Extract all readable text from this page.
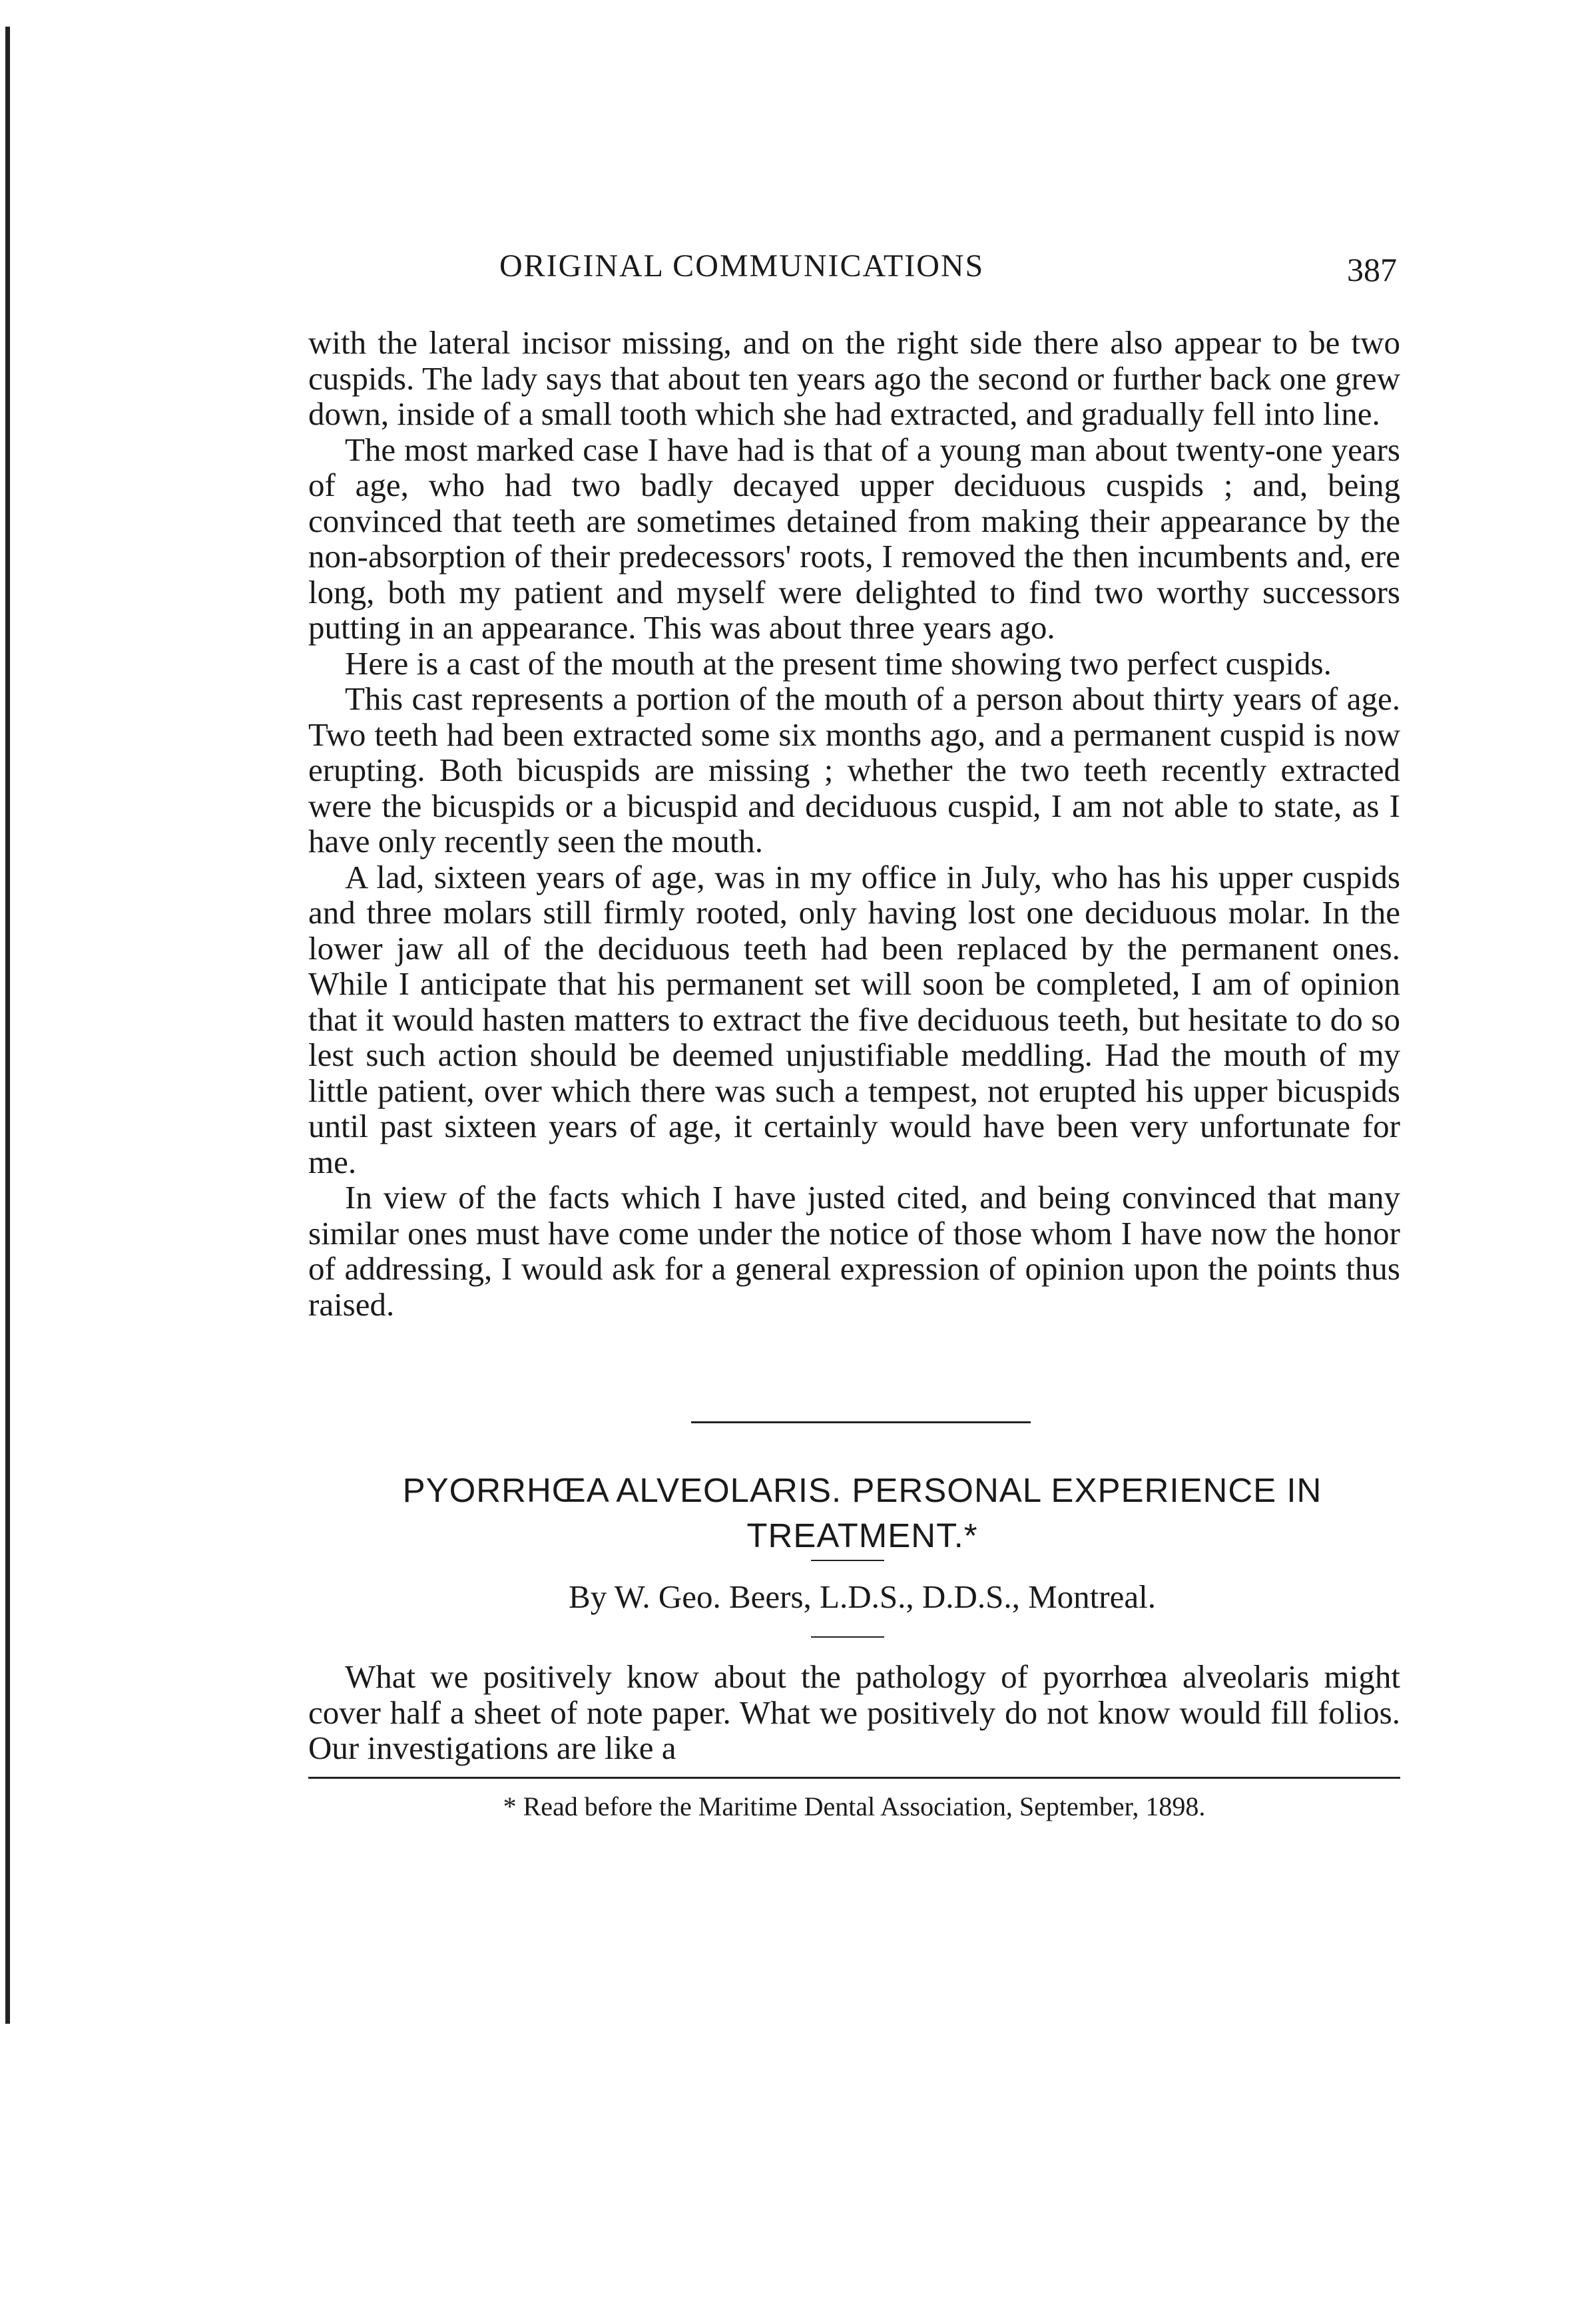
ORIGINAL COMMUNICATIONS	387

with the lateral incisor missing, and on the right side there also appear to be two cuspids. The lady says that about ten years ago the second or further back one grew down, inside of a small tooth which she had extracted, and gradually fell into line.

The most marked case I have had is that of a young man about twenty-one years of age, who had two badly decayed upper deciduous cuspids ; and, being convinced that teeth are sometimes detained from making their appearance by the non-absorption of their predecessors' roots, I removed the then incumbents and, ere long, both my patient and myself were delighted to find two worthy successors putting in an appearance. This was about three years ago.

Here is a cast of the mouth at the present time showing two perfect cuspids.

This cast represents a portion of the mouth of a person about thirty years of age. Two teeth had been extracted some six months ago, and a permanent cuspid is now erupting. Both bicuspids are missing ; whether the two teeth recently extracted were the bicuspids or a bicuspid and deciduous cuspid, I am not able to state, as I have only recently seen the mouth.

A lad, sixteen years of age, was in my office in July, who has his upper cuspids and three molars still firmly rooted, only having lost one deciduous molar. In the lower jaw all of the deciduous teeth had been replaced by the permanent ones. While I anticipate that his permanent set will soon be completed, I am of opinion that it would hasten matters to extract the five deciduous teeth, but hesitate to do so lest such action should be deemed unjustifiable meddling. Had the mouth of my little patient, over which there was such a tempest, not erupted his upper bicuspids until past sixteen years of age, it certainly would have been very unfortunate for me.

In view of the facts which I have justed cited, and being convinced that many similar ones must have come under the notice of those whom I have now the honor of addressing, I would ask for a general expression of opinion upon the points thus raised.

PYORRHŒA ALVEOLARIS. PERSONAL EXPERIENCE IN TREATMENT.*
By W. Geo. Beers, L.D.S., D.D.S., Montreal.

What we positively know about the pathology of pyorrhœa alveolaris might cover half a sheet of note paper. What we positively do not know would fill folios. Our investigations are like a

* Read before the Maritime Dental Association, September, 1898.
